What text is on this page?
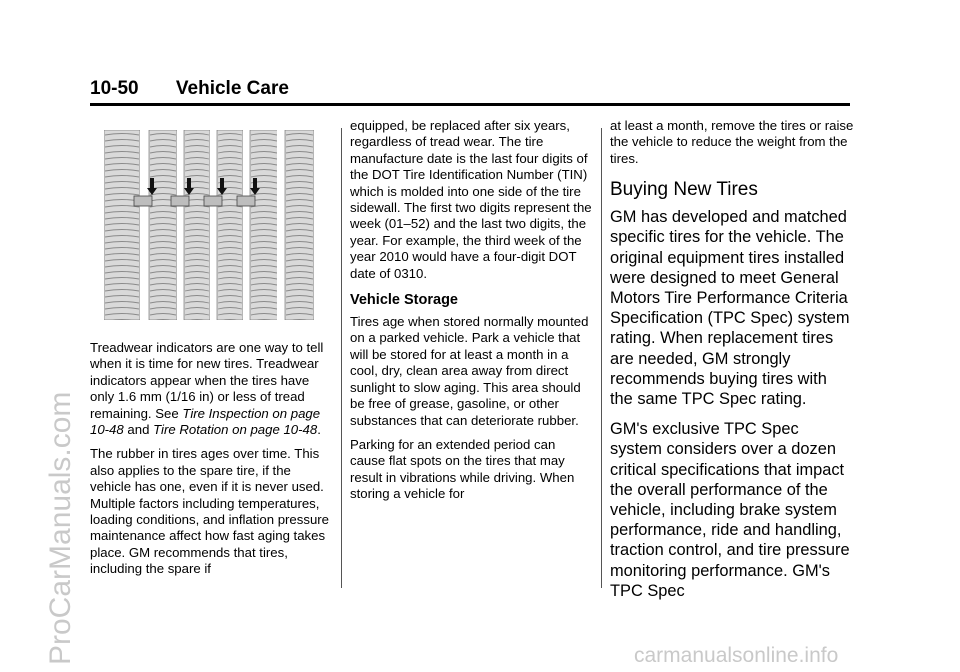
10-50 Vehicle Care

Treadwear indicators are one way to tell when it is time for new tires. Treadwear indicators appear when the tires have only 1.6 mm (1/16 in) or less of tread remaining. See Tire Inspection on page 10-48 and Tire Rotation on page 10-48.

The rubber in tires ages over time. This also applies to the spare tire, if the vehicle has one, even if it is never used. Multiple factors including temperatures, loading conditions, and inflation pressure maintenance affect how fast aging takes place. GM recommends that tires, including the spare if

equipped, be replaced after six years, regardless of tread wear. The tire manufacture date is the last four digits of the DOT Tire Identification Number (TIN) which is molded into one side of the tire sidewall. The first two digits represent the week (01–52) and the last two digits, the year. For example, the third week of the year 2010 would have a four-digit DOT date of 0310.

Vehicle Storage

Tires age when stored normally mounted on a parked vehicle. Park a vehicle that will be stored for at least a month in a cool, dry, clean area away from direct sunlight to slow aging. This area should be free of grease, gasoline, or other substances that can deteriorate rubber.

Parking for an extended period can cause flat spots on the tires that may result in vibrations while driving. When storing a vehicle for

at least a month, remove the tires or raise the vehicle to reduce the weight from the tires.

Buying New Tires

GM has developed and matched specific tires for the vehicle. The original equipment tires installed were designed to meet General Motors Tire Performance Criteria Specification (TPC Spec) system rating. When replacement tires are needed, GM strongly recommends buying tires with the same TPC Spec rating.

GM's exclusive TPC Spec system considers over a dozen critical specifications that impact the overall performance of the vehicle, including brake system performance, ride and handling, traction control, and tire pressure monitoring performance. GM's TPC Spec

ProCarManuals.com	carmanualsonline.info
